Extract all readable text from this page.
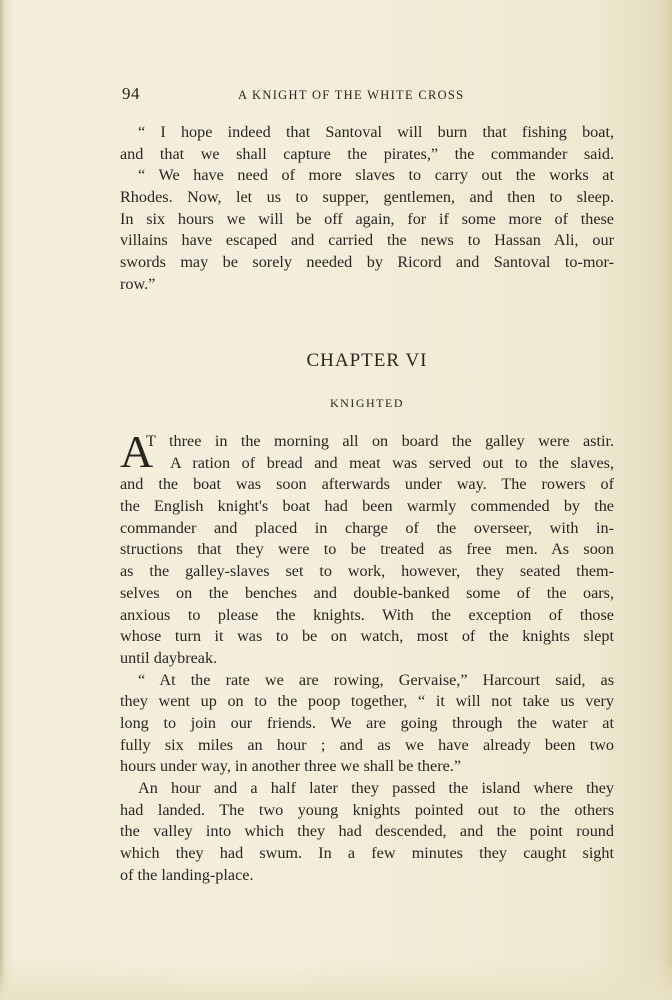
94	A KNIGHT OF THE WHITE CROSS
“ I hope indeed that Santoval will burn that fishing boat,
and that we shall capture the pirates,” the commander said.
“ We have need of more slaves to carry out the works at
Rhodes. Now, let us to supper, gentlemen, and then to sleep.
In six hours we will be off again, for if some more of these
villains have escaped and carried the news to Hassan Ali, our
swords may be sorely needed by Ricord and Santoval to-mor-
row.”
CHAPTER VI
KNIGHTED
A
T three in the morning all on board the galley were astir.
A ration of bread and meat was served out to the slaves,
and the boat was soon afterwards under way. The rowers of
the English knight's boat had been warmly commended by the
commander and placed in charge of the overseer, with in-
structions that they were to be treated as free men. As soon
as the galley-slaves set to work, however, they seated them-
selves on the benches and double-banked some of the oars,
anxious to please the knights. With the exception of those
whose turn it was to be on watch, most of the knights slept
until daybreak.
“ At the rate we are rowing, Gervaise,” Harcourt said, as
they went up on to the poop together, “ it will not take us very
long to join our friends. We are going through the water at
fully six miles an hour ; and as we have already been two
hours under way, in another three we shall be there.”
An hour and a half later they passed the island where they
had landed. The two young knights pointed out to the others
the valley into which they had descended, and the point round
which they had swum. In a few minutes they caught sight
of the landing-place.
